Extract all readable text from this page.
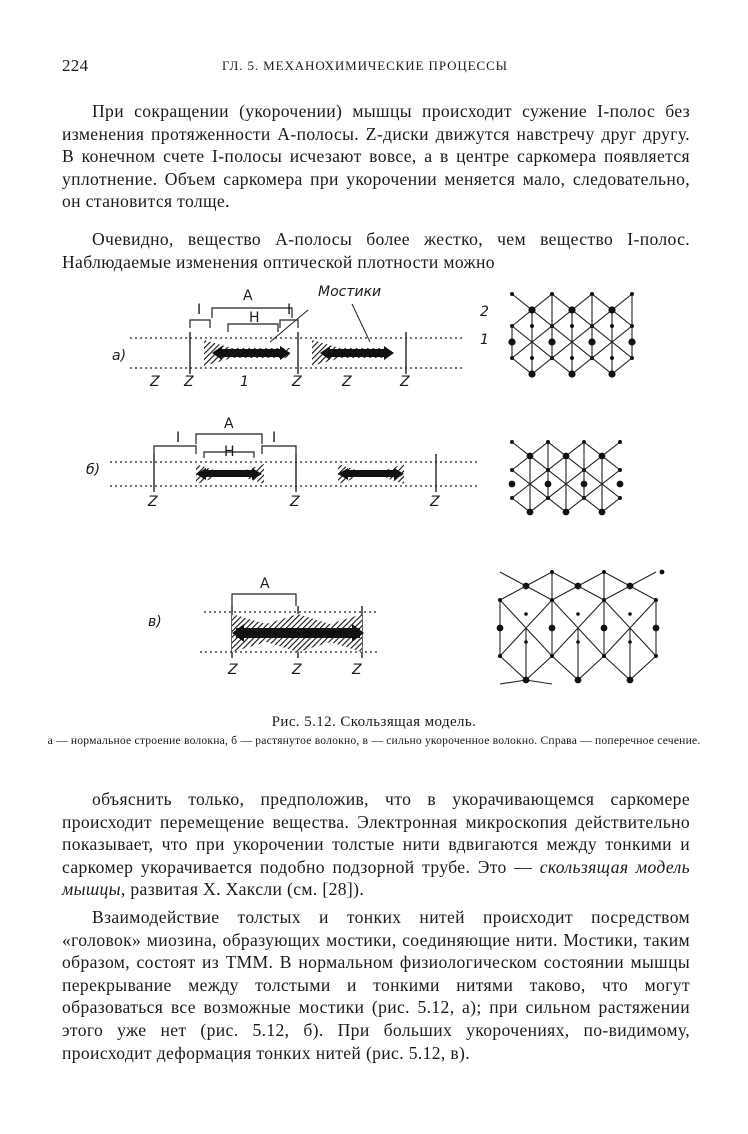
224	ГЛ. 5. МЕХАНОХИМИЧЕСКИЕ ПРОЦЕССЫ

При сокращении (укорочении) мышцы происходит сужение I-полос без изменения протяженности A-полосы. Z-диски движутся навстречу друг другу. В конечном счете I-полосы исчезают вовсе, а в центре саркомера появляется уплотнение. Объем саркомера при укорочении меняется мало, следовательно, он становится толще.

Очевидно, вещество A-полосы более жестко, чем вещество I-полос. Наблюдаемые изменения оптической плотности можно

а)
A
H
I	I
Мостики
Z Z	1	Z	Z	Z
2
1
б)
A
H
I	I
Z	Z	Z
в)
A
Z	Z	Z
Рис. 5.12. Скользящая модель.
а — нормальное строение волокна, б — растянутое волокно, в — сильно укороченное волокно. Справа — поперечное сечение.

объяснить только, предположив, что в укорачивающемся саркомере происходит перемещение вещества. Электронная микроскопия действительно показывает, что при укорочении толстые нити вдвигаются между тонкими и саркомер укорачивается подобно подзорной трубе. Это — скользящая модель мышцы, развитая Х. Хаксли (см. [28]).

Взаимодействие толстых и тонких нитей происходит посредством «головок» миозина, образующих мостики, соединяющие нити. Мостики, таким образом, состоят из ТММ. В нормальном физиологическом состоянии мышцы перекрывание между толстыми и тонкими нитями таково, что могут образоваться все возможные мостики (рис. 5.12, а); при сильном растяжении этого уже нет (рис. 5.12, б). При больших укорочениях, по-видимому, происходит деформация тонких нитей (рис. 5.12, в).
